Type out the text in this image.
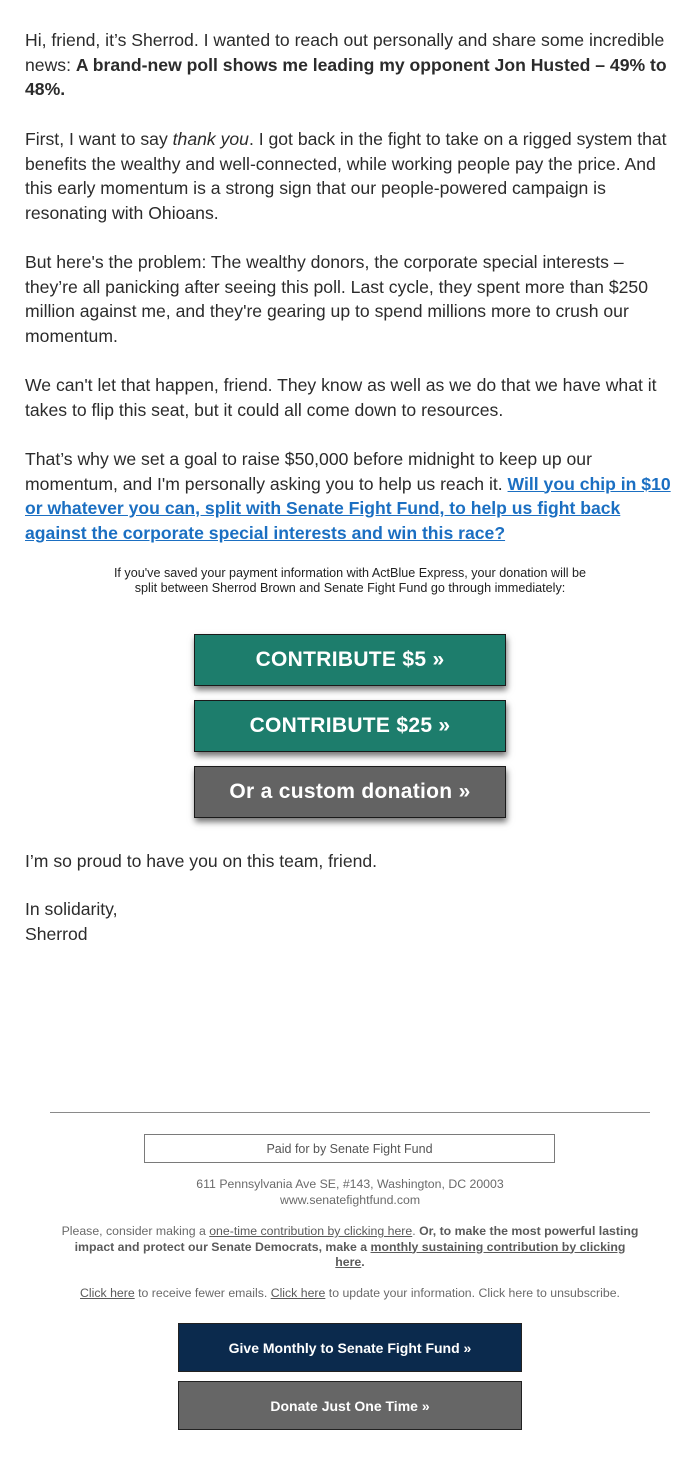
Hi, friend, it’s Sherrod. I wanted to reach out personally and share some incredible news: A brand-new poll shows me leading my opponent Jon Husted – 49% to 48%.

First, I want to say thank you. I got back in the fight to take on a rigged system that benefits the wealthy and well-connected, while working people pay the price. And this early momentum is a strong sign that our people-powered campaign is resonating with Ohioans.

But here's the problem: The wealthy donors, the corporate special interests – they’re all panicking after seeing this poll. Last cycle, they spent more than $250 million against me, and they're gearing up to spend millions more to crush our momentum.

We can't let that happen, friend. They know as well as we do that we have what it takes to flip this seat, but it could all come down to resources.

That’s why we set a goal to raise $50,000 before midnight to keep up our momentum, and I'm personally asking you to help us reach it. Will you chip in $10 or whatever you can, split with Senate Fight Fund, to help us fight back against the corporate special interests and win this race?

If you've saved your payment information with ActBlue Express, your donation will be split between Sherrod Brown and Senate Fight Fund go through immediately:
CONTRIBUTE $5 »
CONTRIBUTE $25 »
Or a custom donation »

I’m so proud to have you on this team, friend.

In solidarity,

Sherrod

Paid for by Senate Fight Fund

611 Pennsylvania Ave SE, #143, Washington, DC 20003

www.senatefightfund.com

Please, consider making a one-time contribution by clicking here. Or, to make the most powerful lasting impact and protect our Senate Democrats, make a monthly sustaining contribution by clicking here.

Click here to receive fewer emails. Click here to update your information. Click here to unsubscribe.

Give Monthly to Senate Fight Fund »
Donate Just One Time »
